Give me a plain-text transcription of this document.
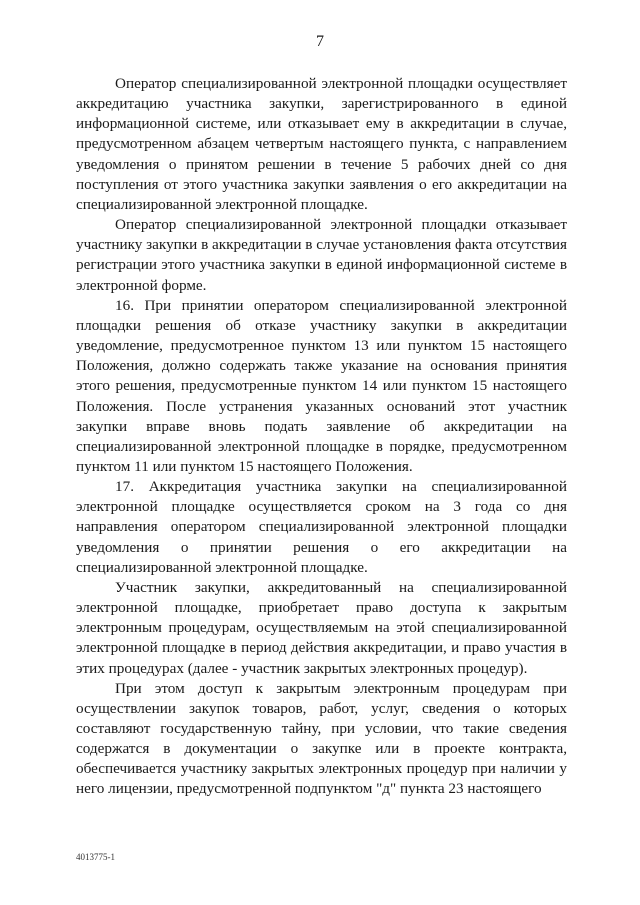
7

Оператор специализированной электронной площадки осуществляет аккредитацию участника закупки, зарегистрированного в единой информационной системе, или отказывает ему в аккредитации в случае, предусмотренном абзацем четвертым настоящего пункта, с направлением уведомления о принятом решении в течение 5 рабочих дней со дня поступления от этого участника закупки заявления о его аккредитации на специализированной электронной площадке.

Оператор специализированной электронной площадки отказывает участнику закупки в аккредитации в случае установления факта отсутствия регистрации этого участника закупки в единой информационной системе в электронной форме.

16. При принятии оператором специализированной электронной площадки решения об отказе участнику закупки в аккредитации уведомление, предусмотренное пунктом 13 или пунктом 15 настоящего Положения, должно содержать также указание на основания принятия этого решения, предусмотренные пунктом 14 или пунктом 15 настоящего Положения. После устранения указанных оснований этот участник закупки вправе вновь подать заявление об аккредитации на специализированной электронной площадке в порядке, предусмотренном пунктом 11 или пунктом 15 настоящего Положения.

17. Аккредитация участника закупки на специализированной электронной площадке осуществляется сроком на 3 года со дня направления оператором специализированной электронной площадки уведомления о принятии решения о его аккредитации на специализированной электронной площадке.

Участник закупки, аккредитованный на специализированной электронной площадке, приобретает право доступа к закрытым электронным процедурам, осуществляемым на этой специализированной электронной площадке в период действия аккредитации, и право участия в этих процедурах (далее - участник закрытых электронных процедур).

При этом доступ к закрытым электронным процедурам при осуществлении закупок товаров, работ, услуг, сведения о которых составляют государственную тайну, при условии, что такие сведения содержатся в документации о закупке или в проекте контракта, обеспечивается участнику закрытых электронных процедур при наличии у него лицензии, предусмотренной подпунктом "д" пункта 23 настоящего

4013775-1
